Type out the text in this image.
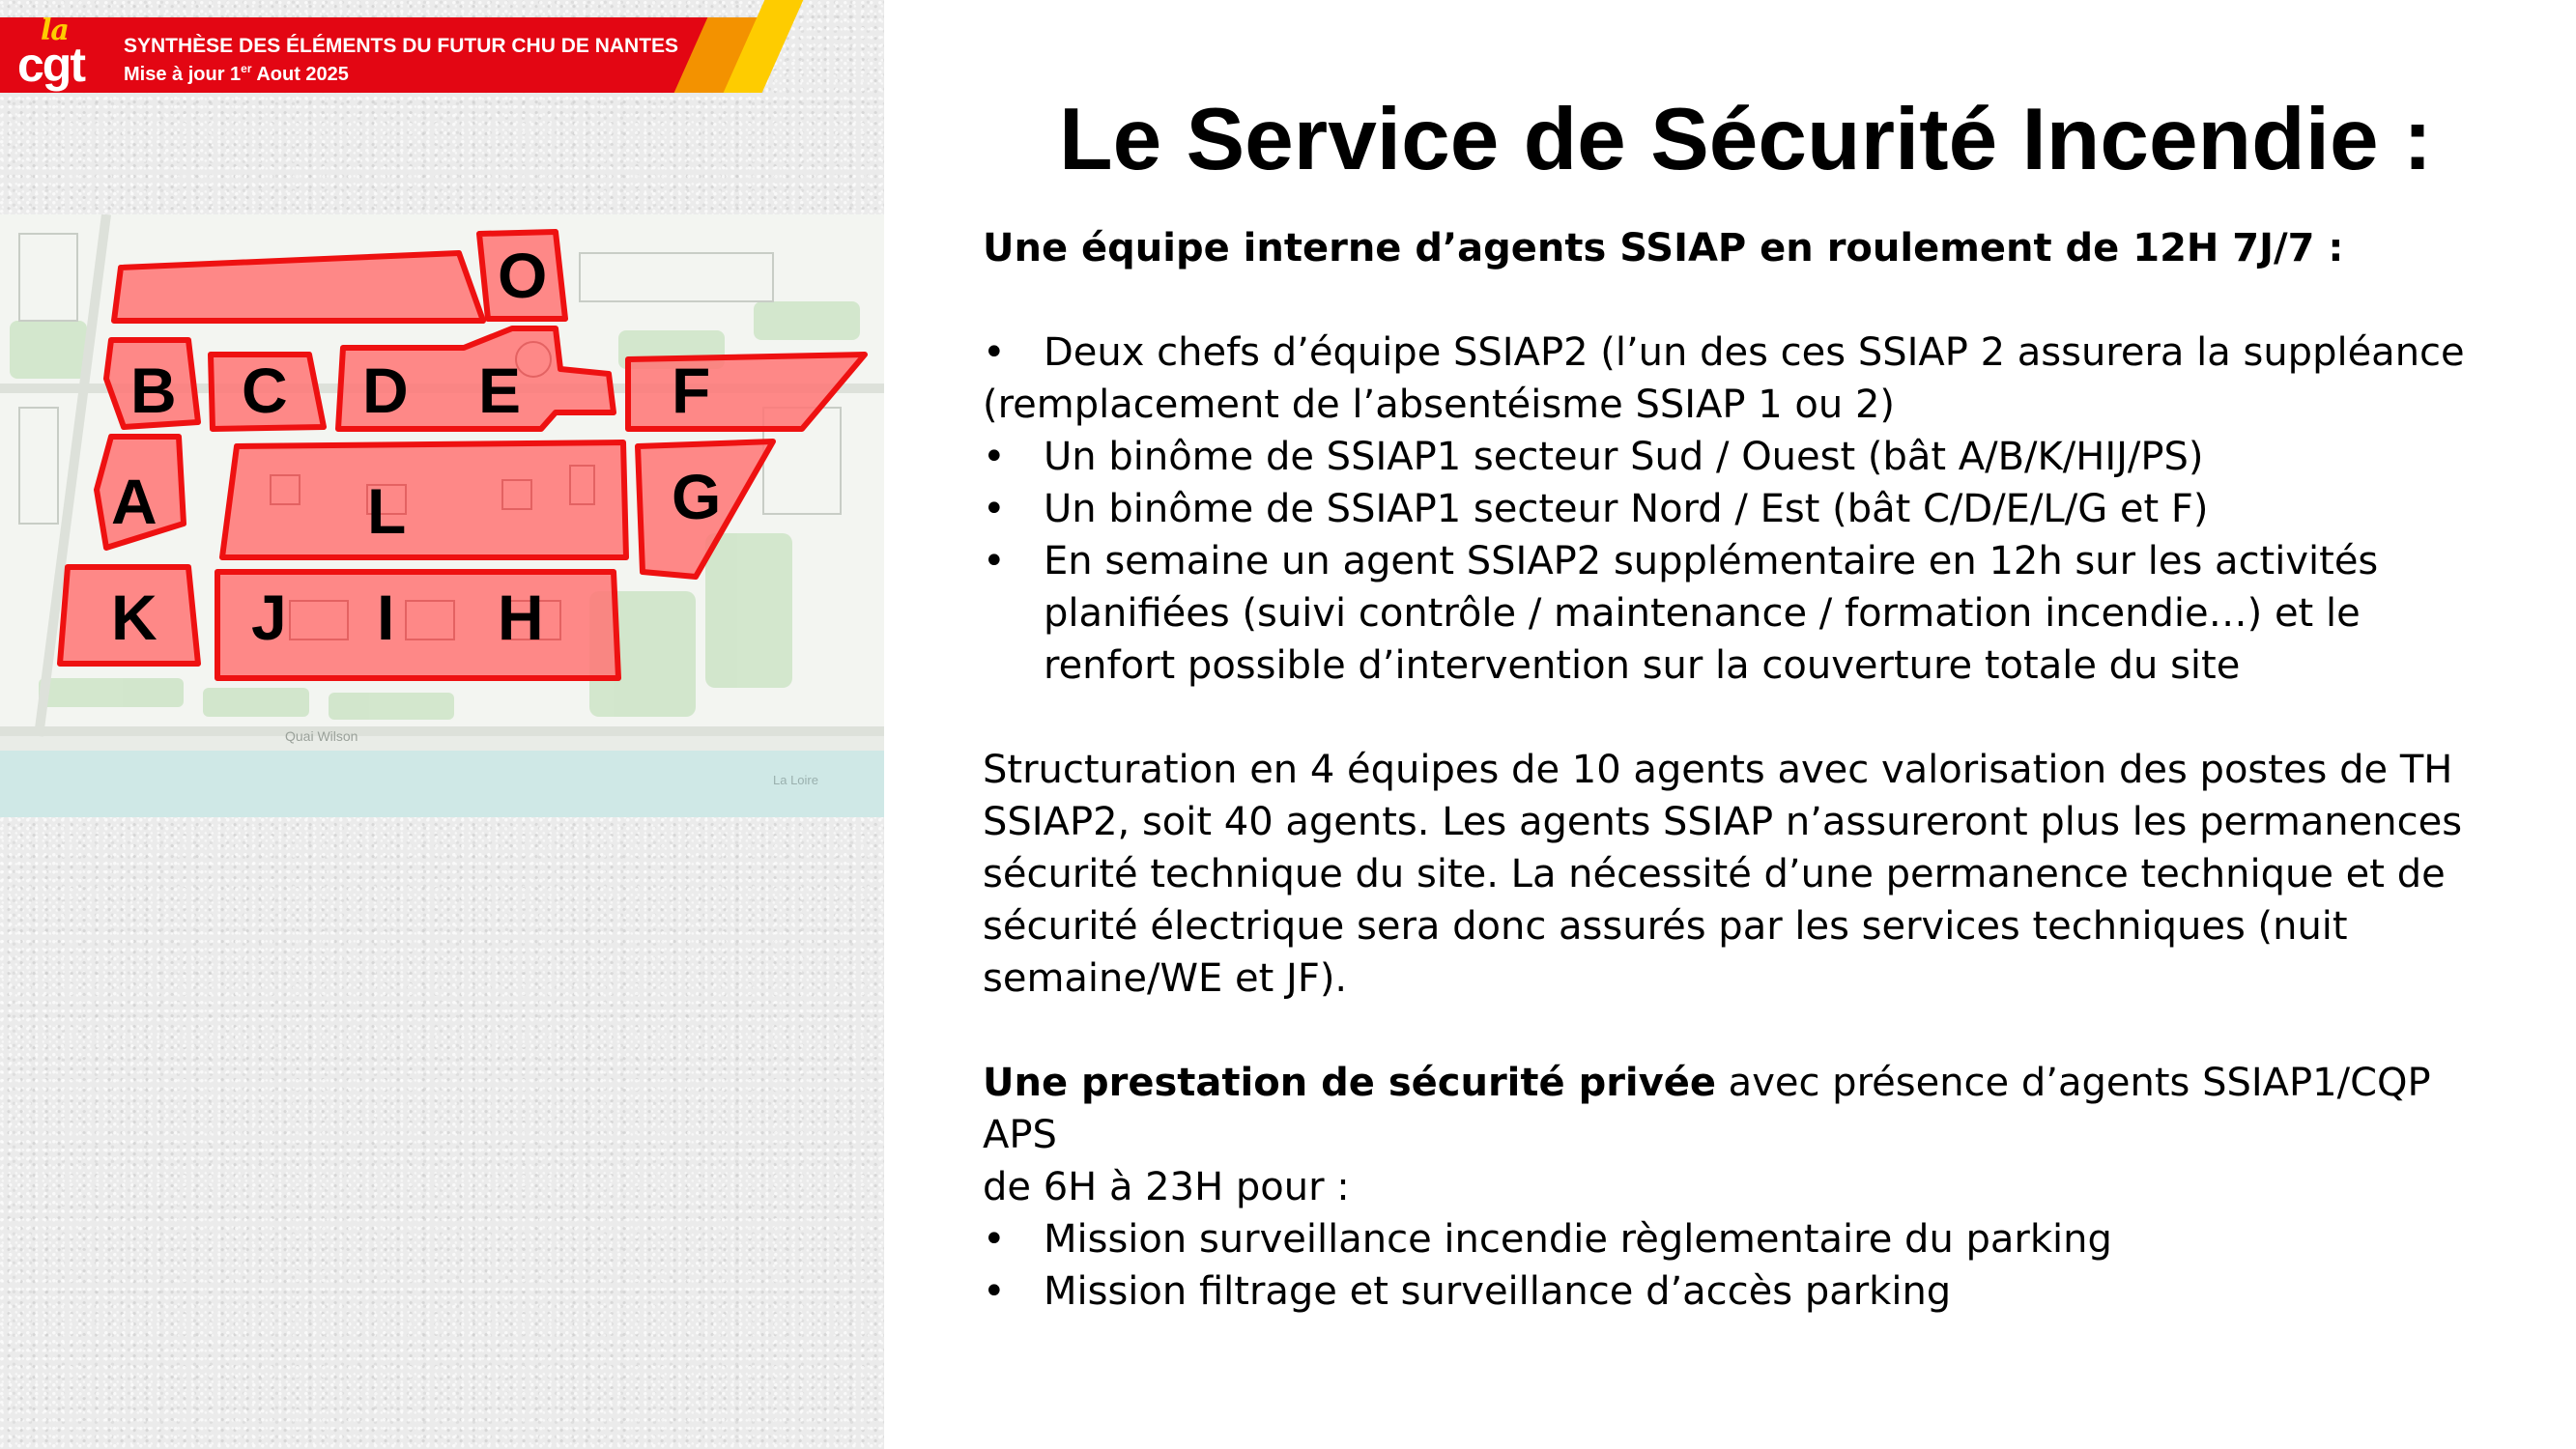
la
cgt SYNTHÈSE DES ÉLÉMENTS DU FUTUR CHU DE NANTES
Mise à jour 1er Aout 2025
O
B C D E F
A	L	G
K J I H
Quai Wilson
La Loire
Le Service de Sécurité Incendie :

Une équipe interne d’agents SSIAP en roulement de 12H 7J/7 :

• Deux chefs d’équipe SSIAP2 (l’un des ces SSIAP 2 assurera la suppléance

(remplacement de l’absentéisme SSIAP 1 ou 2)

• Un binôme de SSIAP1 secteur Sud / Ouest (bât A/B/K/HIJ/PS)
• Un binôme de SSIAP1 secteur Nord / Est (bât C/D/E/L/G et F)
• En semaine un agent SSIAP2 supplémentaire en 12h sur les activités
planifiées (suivi contrôle / maintenance / formation incendie…) et le
renfort possible d’intervention sur la couverture totale du site

Structuration en 4 équipes de 10 agents avec valorisation des postes de TH

SSIAP2, soit 40 agents. Les agents SSIAP n’assureront plus les permanences

sécurité technique du site. La nécessité d’une permanence technique et de

sécurité électrique sera donc assurés par les services techniques (nuit

semaine/WE et JF).

Une prestation de sécurité privée avec présence d’agents SSIAP1/CQP APS

de 6H à 23H pour :

• Mission surveillance incendie règlementaire du parking
• Mission filtrage et surveillance d’accès parking
